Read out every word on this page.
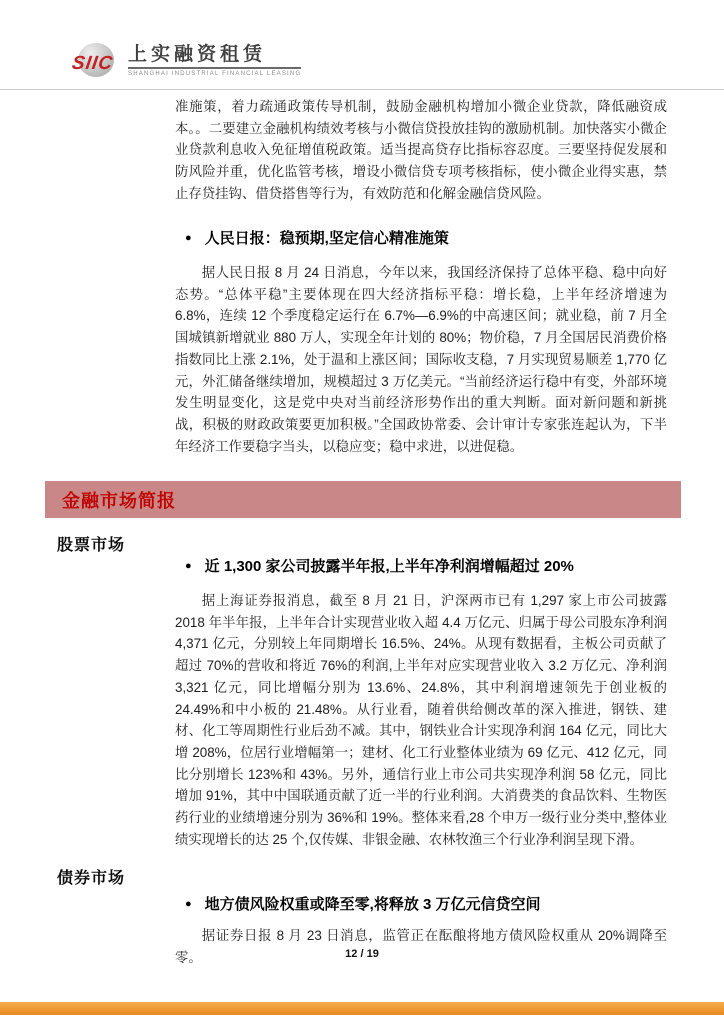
SIIC 上实融资租赁
SHANGHAI INDUSTRIAL FINANCIAL LEASING

准施策，着力疏通政策传导机制，鼓励金融机构增加小微企业贷款，降低融资成本。。二要建立金融机构绩效考核与小微信贷投放挂钩的激励机制。加快落实小微企业贷款利息收入免征增值税政策。适当提高贷存比指标容忍度。三要坚持促发展和防风险并重，优化监管考核，增设小微信贷专项考核指标，使小微企业得实惠，禁止存贷挂钩、借贷搭售等行为，有效防范和化解金融信贷风险。

● 人民日报：稳预期,坚定信心精准施策

据人民日报 8 月 24 日消息，今年以来，我国经济保持了总体平稳、稳中向好态势。“总体平稳”主要体现在四大经济指标平稳：增长稳，上半年经济增速为 6.8%，连续 12 个季度稳定运行在 6.7%—6.9%的中高速区间；就业稳，前 7 月全国城镇新增就业 880 万人，实现全年计划的 80%；物价稳，7 月全国居民消费价格指数同比上涨 2.1%，处于温和上涨区间；国际收支稳，7 月实现贸易顺差 1,770 亿元，外汇储备继续增加，规模超过 3 万亿美元。“当前经济运行稳中有变，外部环境发生明显变化，这是党中央对当前经济形势作出的重大判断。面对新问题和新挑战，积极的财政政策要更加积极。”全国政协常委、会计审计专家张连起认为，下半年经济工作要稳字当头，以稳应变；稳中求进，以进促稳。

金融市场简报
股票市场
● 近 1,300 家公司披露半年报,上半年净利润增幅超过 20%

据上海证券报消息，截至 8 月 21 日，沪深两市已有 1,297 家上市公司披露 2018 年半年报，上半年合计实现营业收入超 4.4 万亿元、归属于母公司股东净利润 4,371 亿元，分别较上年同期增长 16.5%、24%。从现有数据看，主板公司贡献了超过 70%的营收和将近 76%的利润,上半年对应实现营业收入 3.2 万亿元、净利润 3,321 亿元，同比增幅分别为 13.6%、24.8%，其中利润增速领先于创业板的 24.49%和中小板的 21.48%。从行业看，随着供给侧改革的深入推进，钢铁、建材、化工等周期性行业后劲不减。其中，钢铁业合计实现净利润 164 亿元，同比大增 208%，位居行业增幅第一；建材、化工行业整体业绩为 69 亿元、412 亿元，同比分别增长 123%和 43%。另外，通信行业上市公司共实现净利润 58 亿元，同比增加 91%，其中中国联通贡献了近一半的行业利润。大消费类的食品饮料、生物医药行业的业绩增速分别为 36%和 19%。整体来看,28 个申万一级行业分类中,整体业绩实现增长的达 25 个,仅传媒、非银金融、农林牧渔三个行业净利润呈现下滑。

债券市场
● 地方债风险权重或降至零,将释放 3 万亿元信贷空间

据证券日报 8 月 23 日消息，监管正在酝酿将地方债风险权重从 20%调降至零。	12 / 19
